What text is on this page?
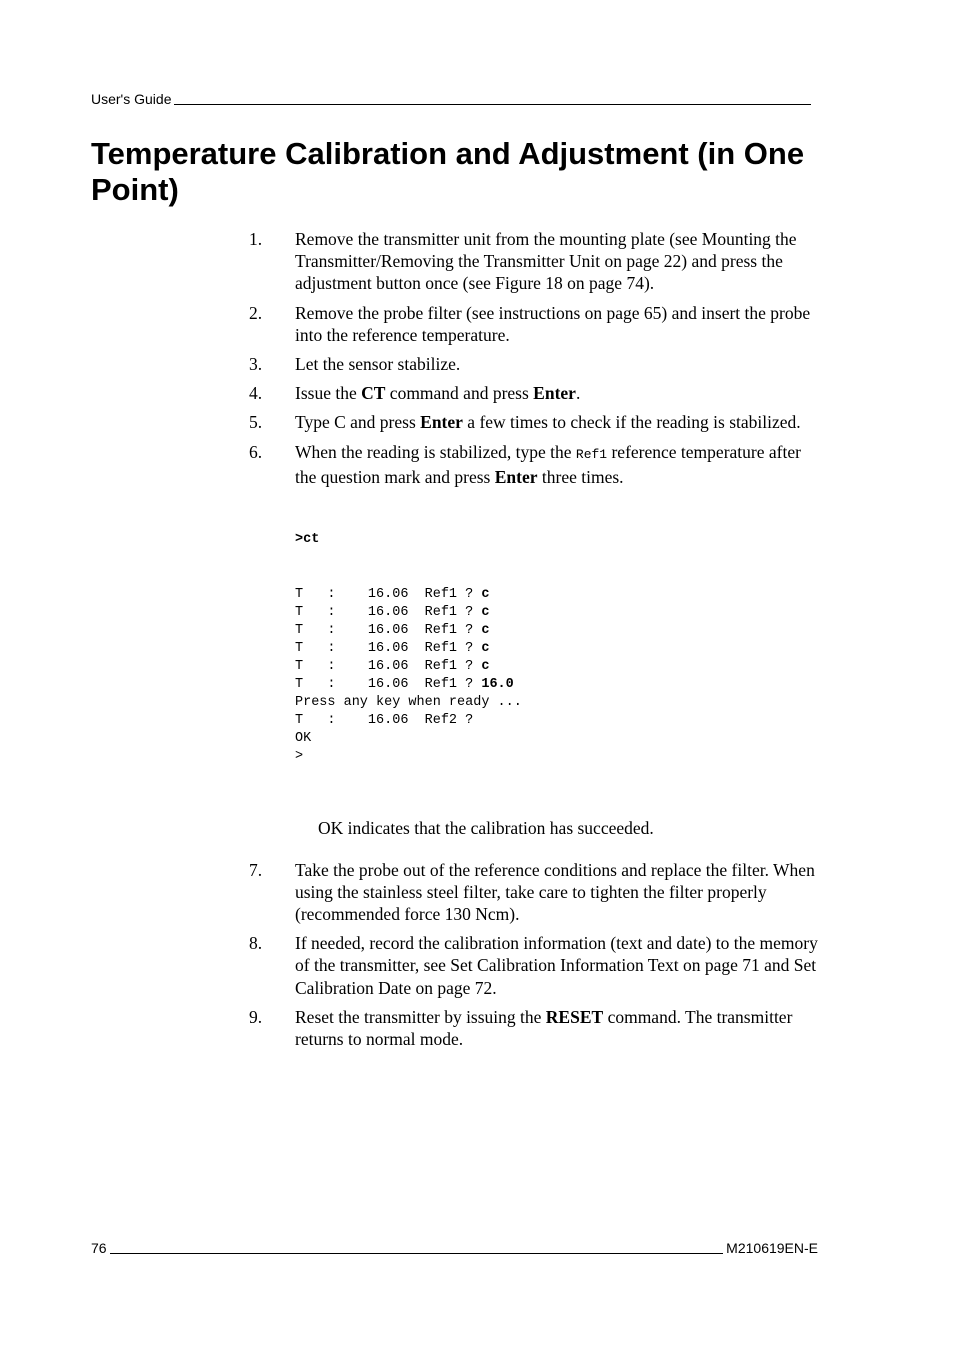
User's Guide
Temperature Calibration and Adjustment (in One Point)
1.	Remove the transmitter unit from the mounting plate (see Mounting the Transmitter/Removing the Transmitter Unit on page 22) and press the adjustment button once (see Figure 18 on page 74).
2.	Remove the probe filter (see instructions on page 65) and insert the probe into the reference temperature.
3.	Let the sensor stabilize.
4.	Issue the CT command and press Enter.
5.	Type C and press Enter a few times to check if the reading is stabilized.
6.	When the reading is stabilized, type the Ref1 reference temperature after the question mark and press Enter three times.

>ct

T   :    16.06  Ref1 ? c
T   :    16.06  Ref1 ? c
T   :    16.06  Ref1 ? c
T   :    16.06  Ref1 ? c
T   :    16.06  Ref1 ? c
T   :    16.06  Ref1 ? 16.0
Press any key when ready ...
T   :    16.06  Ref2 ?
OK
>

OK indicates that the calibration has succeeded.
7.	Take the probe out of the reference conditions and replace the filter. When using the stainless steel filter, take care to tighten the filter properly (recommended force 130 Ncm).
8.	If needed, record the calibration information (text and date) to the memory of the transmitter, see Set Calibration Information Text on page 71 and Set Calibration Date on page 72.
9.	Reset the transmitter by issuing the RESET command. The transmitter returns to normal mode.
76	M210619EN-E
